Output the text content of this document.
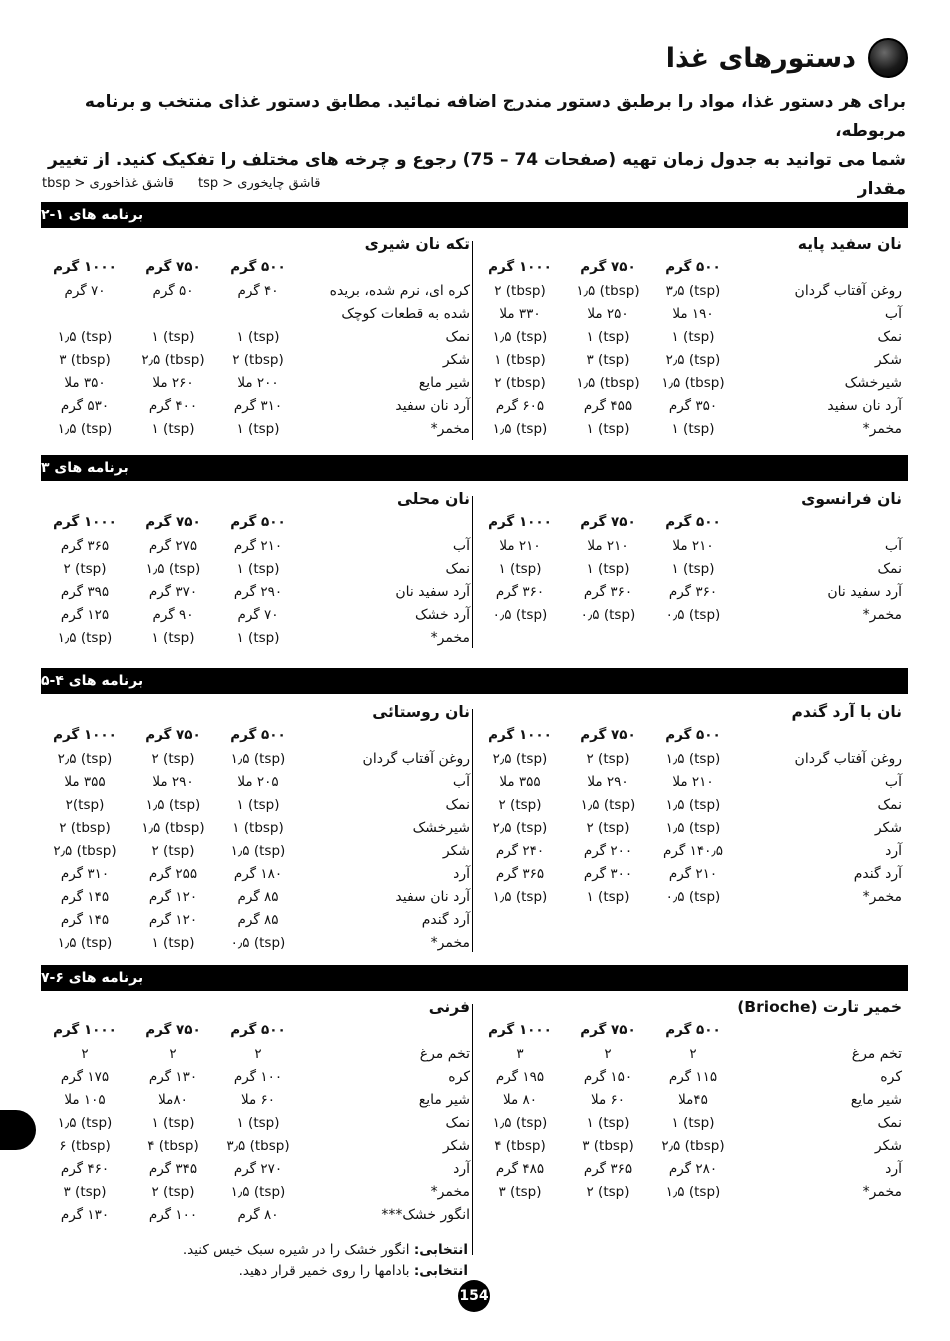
دستورهای غذا

برای هر دستور غذا، مواد را برطبق دستور مندرج اضافه نمائید. مطابق دستور غذای منتخب و برنامه مربوطه،

شما می توانید به جدول زمان تهیه (صفحات 74 – 75) رجوع و چرخه های مختلف را تفکیک کنید. از تغییر مقدار

tbsp > قاشق غذاخوری tsp > قاشق چایخوری
برنامه های ۱-۲
نان سفید پایه
۵۰۰ گرم
۷۵۰ گرم
۱۰۰۰ گرم
روغن آفتاب گردان
(tsp) ۳٫۵
(tbsp) ۱٫۵
(tbsp) ۲
آب
۱۹۰ ملا
۲۵۰ ملا
۳۳۰ ملا
نمک
(tsp) ۱
(tsp) ۱
(tsp) ۱٫۵
شکر
(tsp) ۲٫۵
(tsp) ۳
(tbsp) ۱
شیرخشک
(tbsp) ۱٫۵
(tbsp) ۱٫۵
(tbsp) ۲
آرد نان سفید
۳۵۰ گرم
۴۵۵ گرم
۶۰۵ گرم
مخمر*
(tsp) ۱
(tsp) ۱
(tsp) ۱٫۵
تکه نان شیری
۵۰۰ گرم
۷۵۰ گرم
۱۰۰۰ گرم
کره ای، نرم شده، بریده
۴۰ گرم
۵۰ گرم
۷۰ گرم
شده به قطعات کوچک
نمک
(tsp) ۱
(tsp) ۱
(tsp) ۱٫۵
شکر
(tbsp) ۲
(tbsp) ۲٫۵
(tbsp) ۳
شیر مایع
۲۰۰ ملا
۲۶۰ ملا
۳۵۰ ملا
آرد نان سفید
۳۱۰ گرم
۴۰۰ گرم
۵۳۰ گرم
مخمر*
(tsp) ۱
(tsp) ۱
(tsp) ۱٫۵
برنامه های ۳
نان فرانسوی
۵۰۰ گرم
۷۵۰ گرم
۱۰۰۰ گرم
آب
۲۱۰ ملا
۲۱۰ ملا
۲۱۰ ملا
نمک
(tsp) ۱
(tsp) ۱
(tsp) ۱
آرد سفید نان
۳۶۰ گرم
۳۶۰ گرم
۳۶۰ گرم
مخمر*
(tsp) ۰٫۵
(tsp) ۰٫۵
(tsp) ۰٫۵
نان محلی
۵۰۰ گرم
۷۵۰ گرم
۱۰۰۰ گرم
آب
۲۱۰ گرم
۲۷۵ گرم
۳۶۵ گرم
نمک
(tsp) ۱
(tsp) ۱٫۵
(tsp) ۲
آرد سفید نان
۲۹۰ گرم
۳۷۰ گرم
۳۹۵ گرم
آرد خشک
۷۰ گرم
۹۰ گرم
۱۲۵ گرم
مخمر*
(tsp) ۱
(tsp) ۱
(tsp) ۱٫۵
برنامه های ۴-۵
نان با آرد گندم
۵۰۰ گرم
۷۵۰ گرم
۱۰۰۰ گرم
روغن آفتاب گردان
(tsp) ۱٫۵
(tsp) ۲
(tsp) ۲٫۵
آب
۲۱۰ ملا
۲۹۰ ملا
۳۵۵ ملا
نمک
(tsp) ۱٫۵
(tsp) ۱٫۵
(tsp) ۲
شکر
(tsp) ۱٫۵
(tsp) ۲
(tsp) ۲٫۵
آرد
۱۴۰٫۵ گرم
۲۰۰ گرم
۲۴۰ گرم
آرد گندم
۲۱۰ گرم
۳۰۰ گرم
۳۶۵ گرم
مخمر*
(tsp) ۰٫۵
(tsp) ۱
(tsp) ۱٫۵
نان روستائی
۵۰۰ گرم
۷۵۰ گرم
۱۰۰۰ گرم
روغن آفتاب گردان
(tsp) ۱٫۵
(tsp) ۲
(tsp) ۲٫۵
آب
۲۰۵ ملا
۲۹۰ ملا
۳۵۵ ملا
نمک
(tsp) ۱
(tsp) ۱٫۵
(tsp)۲
شیرخشک
(tbsp) ۱
(tbsp) ۱٫۵
(tbsp) ۲
شکر
(tsp) ۱٫۵
(tsp) ۲
(tbsp) ۲٫۵
آرد
۱۸۰ گرم
۲۵۵ گرم
۳۱۰ گرم
آرد نان سفید
۸۵ گرم
۱۲۰ گرم
۱۴۵ گرم
آرد گندم
۸۵ گرم
۱۲۰ گرم
۱۴۵ گرم
مخمر*
(tsp) ۰٫۵
(tsp) ۱
(tsp) ۱٫۵
برنامه های ۶-۷
خمیر تارت (Brioche)
۵۰۰ گرم
۷۵۰ گرم
۱۰۰۰ گرم
تخم مرغ
۲
۲
۳
کره
۱۱۵ گرم
۱۵۰ گرم
۱۹۵ گرم
شیر مایع
۴۵ملا
۶۰ ملا
۸۰ ملا
نمک
(tsp) ۱
(tsp) ۱
(tsp) ۱٫۵
شکر
(tbsp) ۲٫۵
(tbsp) ۳
(tbsp) ۴
آرد
۲۸۰ گرم
۳۶۵ گرم
۴۸۵ گرم
مخمر*
(tsp) ۱٫۵
(tsp) ۲
(tsp) ۳
فرنی
۵۰۰ گرم
۷۵۰ گرم
۱۰۰۰ گرم
تخم مرغ
۲
۲
۲
کره
۱۰۰ گرم
۱۳۰ گرم
۱۷۵ گرم
شیر مایع
۶۰ ملا
۸۰ملا
۱۰۵ ملا
نمک
(tsp) ۱
(tsp) ۱
(tsp) ۱٫۵
شکر
(tbsp) ۳٫۵
(tbsp) ۴
(tbsp) ۶
آرد
۲۷۰ گرم
۳۴۵ گرم
۴۶۰ گرم
مخمر*
(tsp) ۱٫۵
(tsp) ۲
(tsp) ۳
انگور خشک***
۸۰ گرم
۱۰۰ گرم
۱۳۰ گرم
انتخابی: انگور خشک را در شیره سبک خیس کنید.
انتخابی: بادامها را روی خمیر قرار دهید.
154
